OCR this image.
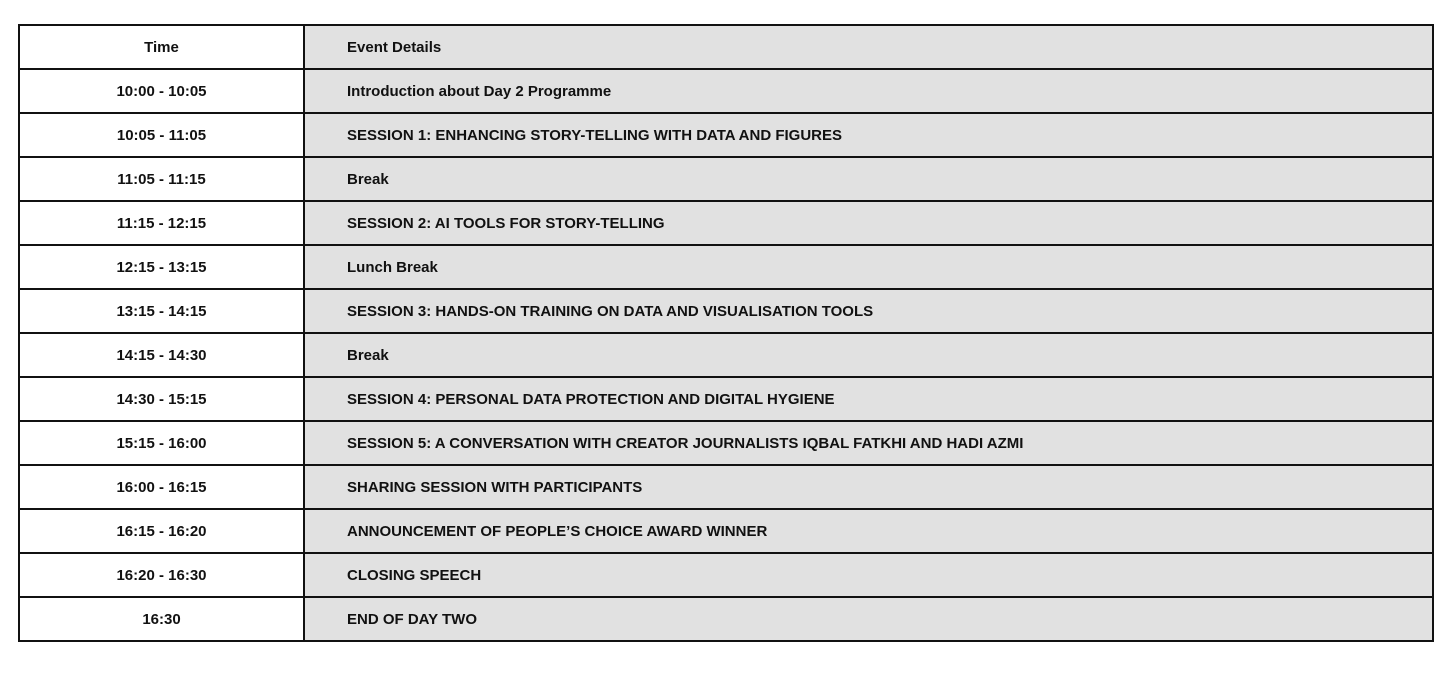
Time	Event Details
10:00 - 10:05	Introduction about Day 2 Programme
10:05 - 11:05	SESSION 1: ENHANCING STORY-TELLING WITH DATA AND FIGURES
11:05 - 11:15	Break
11:15 - 12:15	SESSION 2: AI TOOLS FOR STORY-TELLING
12:15 - 13:15	Lunch Break
13:15 - 14:15	SESSION 3: HANDS-ON TRAINING ON DATA AND VISUALISATION TOOLS
14:15 - 14:30	Break
14:30 - 15:15	SESSION 4: PERSONAL DATA PROTECTION AND DIGITAL HYGIENE
15:15 - 16:00	SESSION 5: A CONVERSATION WITH CREATOR JOURNALISTS IQBAL FATKHI AND HADI AZMI
16:00 - 16:15	SHARING SESSION WITH PARTICIPANTS
16:15 - 16:20	ANNOUNCEMENT OF PEOPLE’S CHOICE AWARD WINNER
16:20 - 16:30	CLOSING SPEECH
16:30	END OF DAY TWO
